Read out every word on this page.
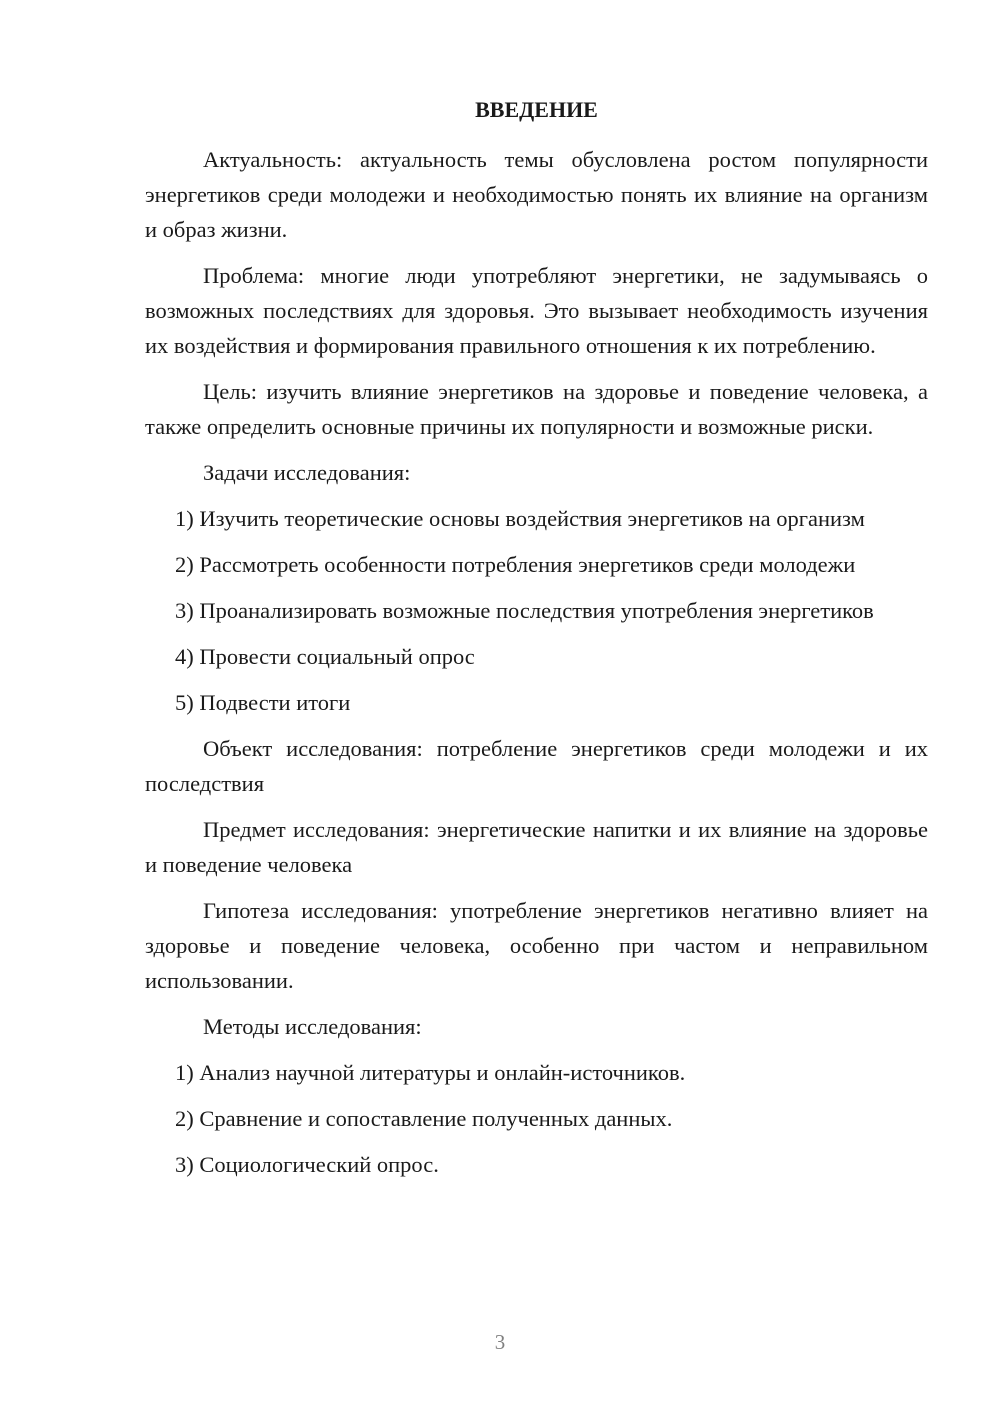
ВВЕДЕНИЕ

Актуальность: актуальность темы обусловлена ростом популярности энергетиков среди молодежи и необходимостью понять их влияние на организм и образ жизни.

Проблема: многие люди употребляют энергетики, не задумываясь о возможных последствиях для здоровья. Это вызывает необходимость изучения их воздействия и формирования правильного отношения к их потреблению.

Цель: изучить влияние энергетиков на здоровье и поведение человека, а также определить основные причины их популярности и возможные риски.

Задачи исследования:

1) Изучить теоретические основы воздействия энергетиков на организм

2) Рассмотреть особенности потребления энергетиков среди молодежи

3) Проанализировать возможные последствия употребления энергетиков

4) Провести социальный опрос

5) Подвести итоги

Объект исследования: потребление энергетиков среди молодежи и их последствия

Предмет исследования: энергетические напитки и их влияние на здоровье и поведение человека

Гипотеза исследования: употребление энергетиков негативно влияет на здоровье и поведение человека, особенно при частом и неправильном использовании.

Методы исследования:

1) Анализ научной литературы и онлайн-источников.

2) Сравнение и сопоставление полученных данных.

3) Социологический опрос.

3
